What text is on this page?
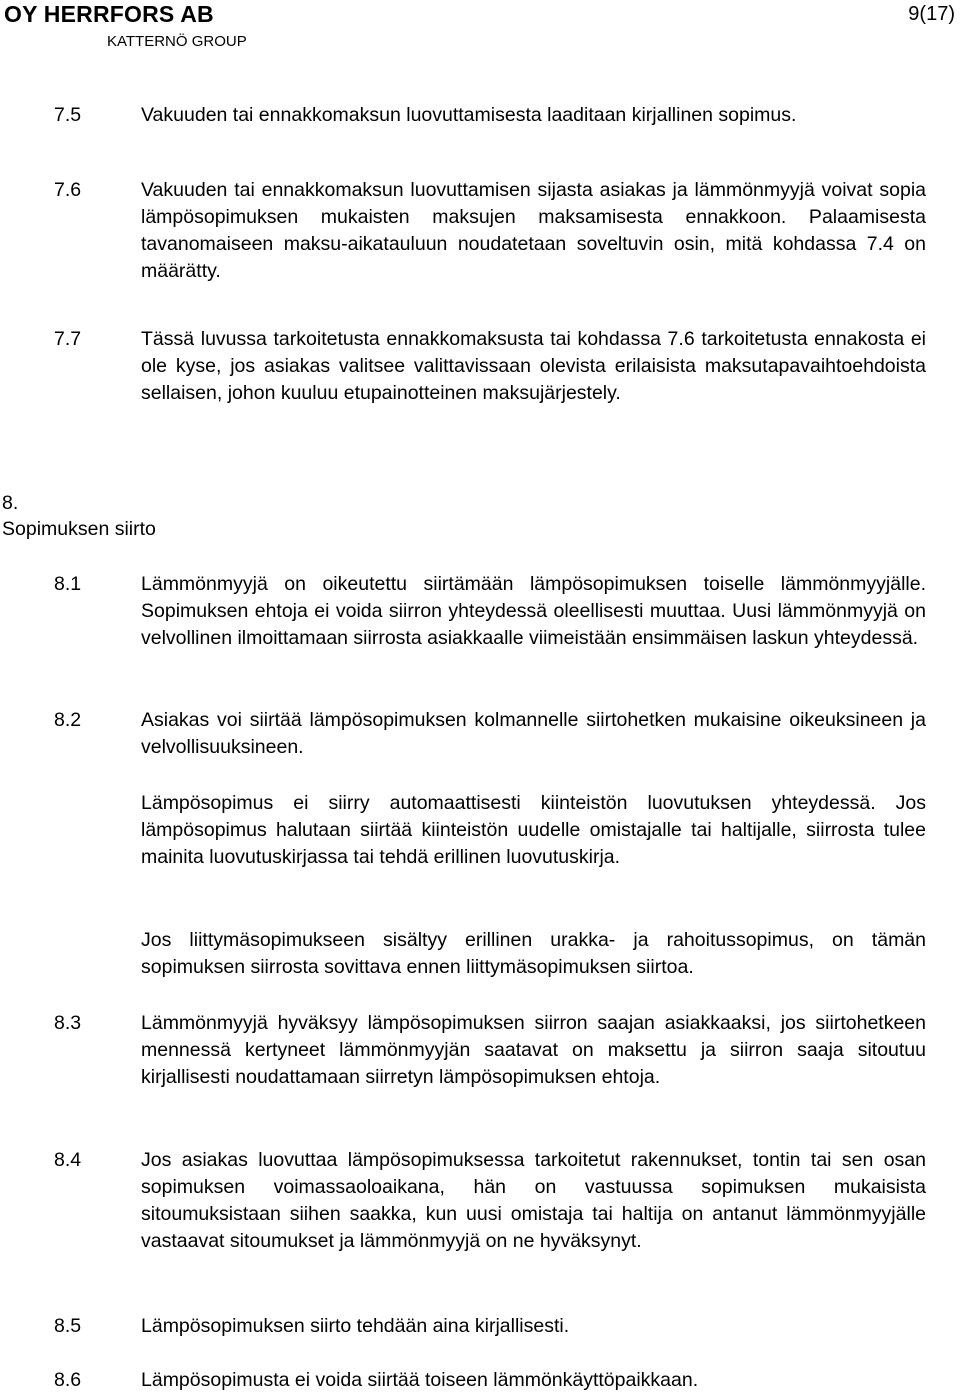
OY HERRFORS AB
KATTERNÖ GROUP
9(17)
7.5	Vakuuden tai ennakkomaksun luovuttamisesta laaditaan kirjallinen sopimus.
7.6	Vakuuden tai ennakkomaksun luovuttamisen sijasta asiakas ja lämmönmyyjä voivat sopia lämpösopimuksen mukaisten maksujen maksamisesta ennakkoon. Palaamisesta tavanomaiseen maksu-aikatauluun noudatetaan soveltuvin osin, mitä kohdassa 7.4 on määrätty.
7.7	Tässä luvussa tarkoitetusta ennakkomaksusta tai kohdassa 7.6 tarkoitetusta ennakosta ei ole kyse, jos asiakas valitsee valittavissaan olevista erilaisista maksutapavaihtoehdoista sellaisen, johon kuuluu etupainotteinen maksujärjestely.
8.
Sopimuksen siirto
8.1	Lämmönmyyjä on oikeutettu siirtämään lämpösopimuksen toiselle lämmönmyyjälle. Sopimuksen ehtoja ei voida siirron yhteydessä oleellisesti muuttaa. Uusi lämmönmyyjä on velvollinen ilmoittamaan siirrosta asiakkaalle viimeistään ensimmäisen laskun yhteydessä.
8.2	Asiakas voi siirtää lämpösopimuksen kolmannelle siirtohetken mukaisine oikeuksineen ja velvollisuuksineen.
Lämpösopimus ei siirry automaattisesti kiinteistön luovutuksen yhteydessä. Jos lämpösopimus halutaan siirtää kiinteistön uudelle omistajalle tai haltijalle, siirrosta tulee mainita luovutuskirjassa tai tehdä erillinen luovutuskirja.
Jos liittymäsopimukseen sisältyy erillinen urakka- ja rahoitussopimus, on tämän sopimuksen siirrosta sovittava ennen liittymäsopimuksen siirtoa.
8.3	Lämmönmyyjä hyväksyy lämpösopimuksen siirron saajan asiakkaaksi, jos siirtohetkeen mennessä kertyneet lämmönmyyjän saatavat on maksettu ja siirron saaja sitoutuu kirjallisesti noudattamaan siirretyn lämpösopimuksen ehtoja.
8.4	Jos asiakas luovuttaa lämpösopimuksessa tarkoitetut rakennukset, tontin tai sen osan sopimuksen voimassaoloaikana, hän on vastuussa sopimuksen mukaisista sitoumuksistaan siihen saakka, kun uusi omistaja tai haltija on antanut lämmönmyyjälle vastaavat sitoumukset ja lämmönmyyjä on ne hyväksynyt.
8.5	Lämpösopimuksen siirto tehdään aina kirjallisesti.
8.6	Lämpösopimusta ei voida siirtää toiseen lämmönkäyttöpaikkaan.
